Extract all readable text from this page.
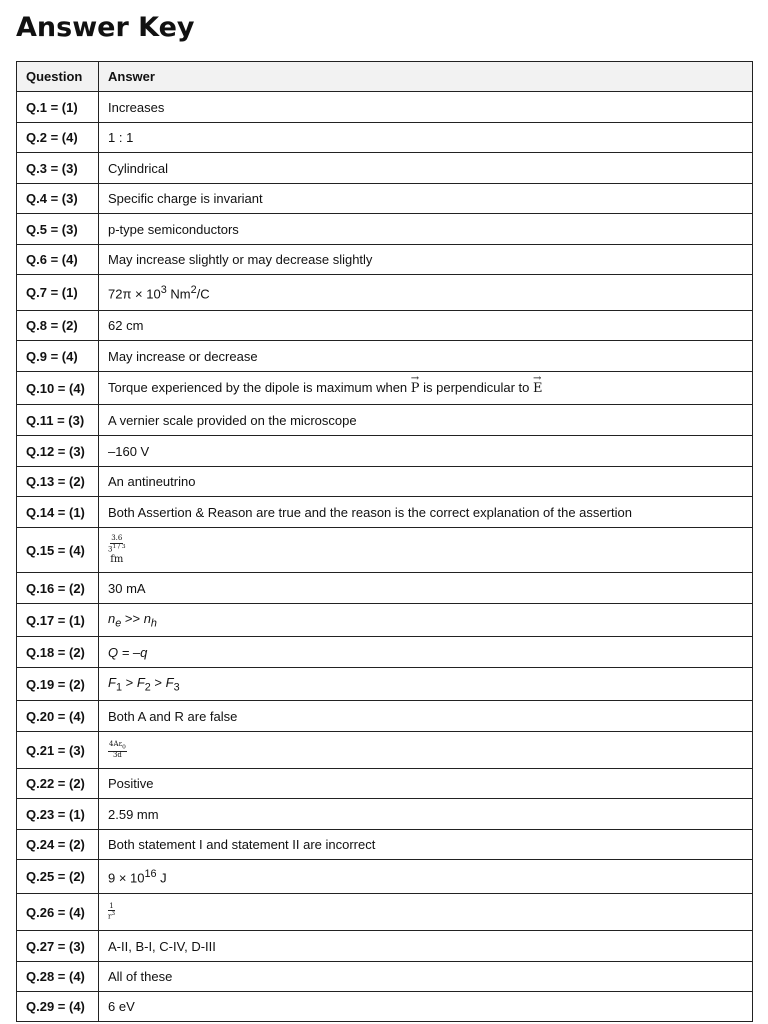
Answer Key
Question	Answer
Q.1 = (1)	Increases
Q.2 = (4)	1 : 1
Q.3 = (3)	Cylindrical
Q.4 = (3)	Specific charge is invariant
Q.5 = (3)	p-type semiconductors
Q.6 = (4)	May increase slightly or may decrease slightly
Q.7 = (1)	$72\pi \times 10^3$ Nm$^2$/C
Q.8 = (2)	62 cm
Q.9 = (4)	May increase or decrease
Q.10 = (4)	Torque experienced by the dipole is maximum when → P is perpendicular to → E
Q.11 = (3)	A vernier scale provided on the microscope
Q.12 = (3)	–160 V
Q.13 = (2)	An antineutrino
Q.14 = (1)	Both Assertion & Reason are true and the reason is the correct explanation of the assertion
Q.15 = (4)	3.6
$3^{1 / 3}$
fm

Q.16 = (2)	30 mA
Q.17 = (1)	$n_e >> n_h$
Q.18 = (2)	Q = –q
Q.19 = (2)	$F_1 > F_2 > F_3$
Q.20 = (4)	Both A and R are false
Q.21 = (3)	$\frac{4A\varepsilon_0}{3d}$

Q.22 = (2)	Positive
Q.23 = (1)	2.59 mm
Q.24 = (2)	Both statement I and statement II are incorrect
Q.25 = (2)	$9 \times 10^{16}$ J
Q.26 = (4)	$\frac{1}{r^3}$

Q.27 = (3)	A-II, B-I, C-IV, D-III
Q.28 = (4)	All of these
Q.29 = (4)	6 eV
